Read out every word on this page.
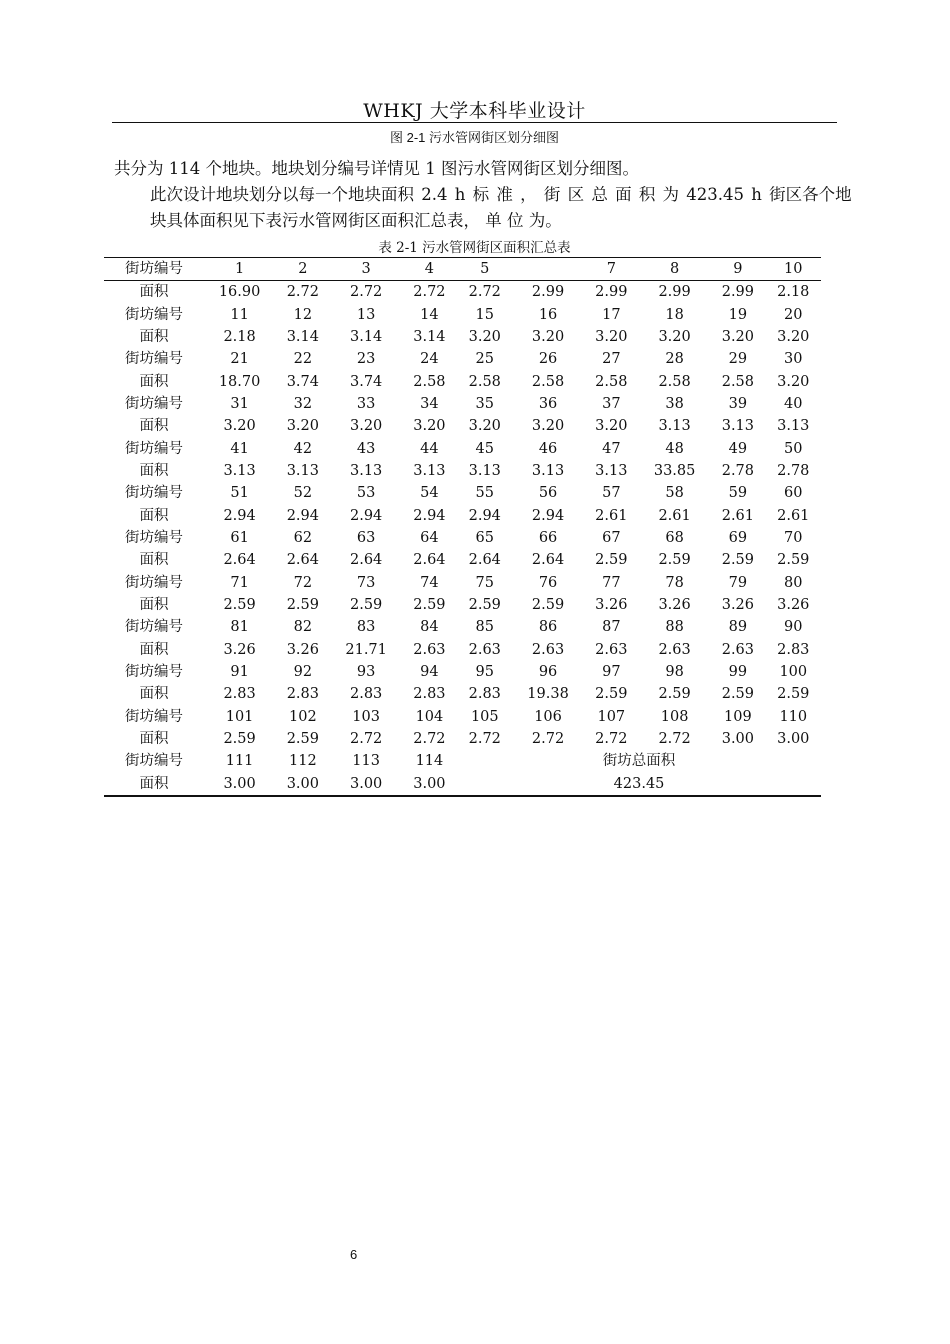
WHKJ 大学本科毕业设计
图 2-1 污水管网街区划分细图
共分为 114 个地块。地块划分编号详情见 1 图污水管网街区划分细图。
此次设计地块划分以每一个地块面积 2.4 h 标 准 ， 街 区 总 面 积 为 423.45 h 街区各个地
块具体面积见下表污水管网街区面积汇总表， 单 位 为。
表 2-1 污水管网街区面积汇总表
街坊编号	1	2	3	4	5		7	8	9	10
面积	16.90	2.72	2.72	2.72	2.72	2.99	2.99	2.99	2.99	2.18
街坊编号	11	12	13	14	15	16	17	18	19	20
面积	2.18	3.14	3.14	3.14	3.20	3.20	3.20	3.20	3.20	3.20
街坊编号	21	22	23	24	25	26	27	28	29	30
面积	18.70	3.74	3.74	2.58	2.58	2.58	2.58	2.58	2.58	3.20
街坊编号	31	32	33	34	35	36	37	38	39	40
面积	3.20	3.20	3.20	3.20	3.20	3.20	3.20	3.13	3.13	3.13
街坊编号	41	42	43	44	45	46	47	48	49	50
面积	3.13	3.13	3.13	3.13	3.13	3.13	3.13	33.85	2.78	2.78
街坊编号	51	52	53	54	55	56	57	58	59	60
面积	2.94	2.94	2.94	2.94	2.94	2.94	2.61	2.61	2.61	2.61
街坊编号	61	62	63	64	65	66	67	68	69	70
面积	2.64	2.64	2.64	2.64	2.64	2.64	2.59	2.59	2.59	2.59
街坊编号	71	72	73	74	75	76	77	78	79	80
面积	2.59	2.59	2.59	2.59	2.59	2.59	3.26	3.26	3.26	3.26
街坊编号	81	82	83	84	85	86	87	88	89	90
面积	3.26	3.26	21.71	2.63	2.63	2.63	2.63	2.63	2.63	2.83
街坊编号	91	92	93	94	95	96	97	98	99	100
面积	2.83	2.83	2.83	2.83	2.83	19.38	2.59	2.59	2.59	2.59
街坊编号	101	102	103	104	105	106	107	108	109	110
面积	2.59	2.59	2.72	2.72	2.72	2.72	2.72	2.72	3.00	3.00
街坊编号	111	112	113	114	街坊总面积					
面积	3.00	3.00	3.00	3.00	423.45					
6
